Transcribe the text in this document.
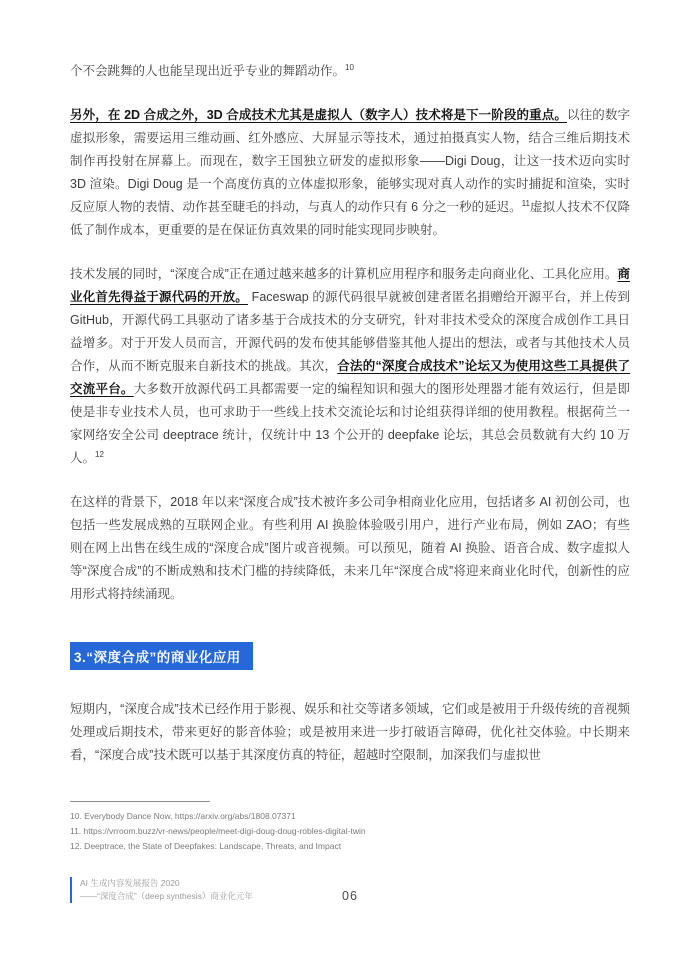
个不会跳舞的人也能呈现出近乎专业的舞蹈动作。$^{10}$

另外，在 2D 合成之外，3D 合成技术尤其是虚拟人（数字人）技术将是下一阶段的重点。以往的数字虚拟形象，需要运用三维动画、红外感应、大屏显示等技术，通过拍摄真实人物，结合三维后期技术制作再投射在屏幕上。而现在，数字王国独立研发的虚拟形象——Digi Doug，让这一技术迈向实时 3D 渲染。Digi Doug 是一个高度仿真的立体虚拟形象，能够实现对真人动作的实时捕捉和渲染，实时反应原人物的表情、动作甚至睫毛的抖动，与真人的动作只有 6 分之一秒的延迟。$^{11}$虚拟人技术不仅降低了制作成本，更重要的是在保证仿真效果的同时能实现同步映射。

技术发展的同时，“深度合成”正在通过越来越多的计算机应用程序和服务走向商业化、工具化应用。商业化首先得益于源代码的开放。 Faceswap 的源代码很早就被创建者匿名捐赠给开源平台，并上传到 GitHub，开源代码工具驱动了诸多基于合成技术的分支研究，针对非技术受众的深度合成创作工具日益增多。对于开发人员而言，开源代码的发布使其能够借鉴其他人提出的想法，或者与其他技术人员合作，从而不断克服来自新技术的挑战。其次，合法的“深度合成技术”论坛又为使用这些工具提供了交流平台。大多数开放源代码工具都需要一定的编程知识和强大的图形处理器才能有效运行，但是即使是非专业技术人员，也可求助于一些线上技术交流论坛和讨论组获得详细的使用教程。根据荷兰一家网络安全公司 deeptrace 统计，仅统计中 13 个公开的 deepfake 论坛，其总会员数就有大约 10 万人。$^{12}$

在这样的背景下，2018 年以来“深度合成”技术被许多公司争相商业化应用，包括诸多 AI 初创公司，也包括一些发展成熟的互联网企业。有些利用 AI 换脸体验吸引用户，进行产业布局，例如 ZAO；有些则在网上出售在线生成的“深度合成”图片或音视频。可以预见，随着 AI 换脸、语音合成、数字虚拟人等“深度合成”的不断成熟和技术门槛的持续降低，未来几年“深度合成”将迎来商业化时代，创新性的应用形式将持续涌现。

3.“深度合成”的商业化应用

短期内，“深度合成”技术已经作用于影视、娱乐和社交等诸多领域，它们或是被用于升级传统的音视频处理或后期技术，带来更好的影音体验；或是被用来进一步打破语言障碍，优化社交体验。中长期来看，“深度合成”技术既可以基于其深度仿真的特征，超越时空限制，加深我们与虚拟世

10. Everybody Dance Now, https://arxiv.org/abs/1808.07371
11. https://vrroom.buzz/vr-news/people/meet-digi-doug-doug-robles-digital-twin
12. Deeptrace, the State of Deepfakes: Landscape, Threats, and Impact
AI 生成内容发展报告 2020
——“深度合成”（deep synthesis）商业化元年	06
